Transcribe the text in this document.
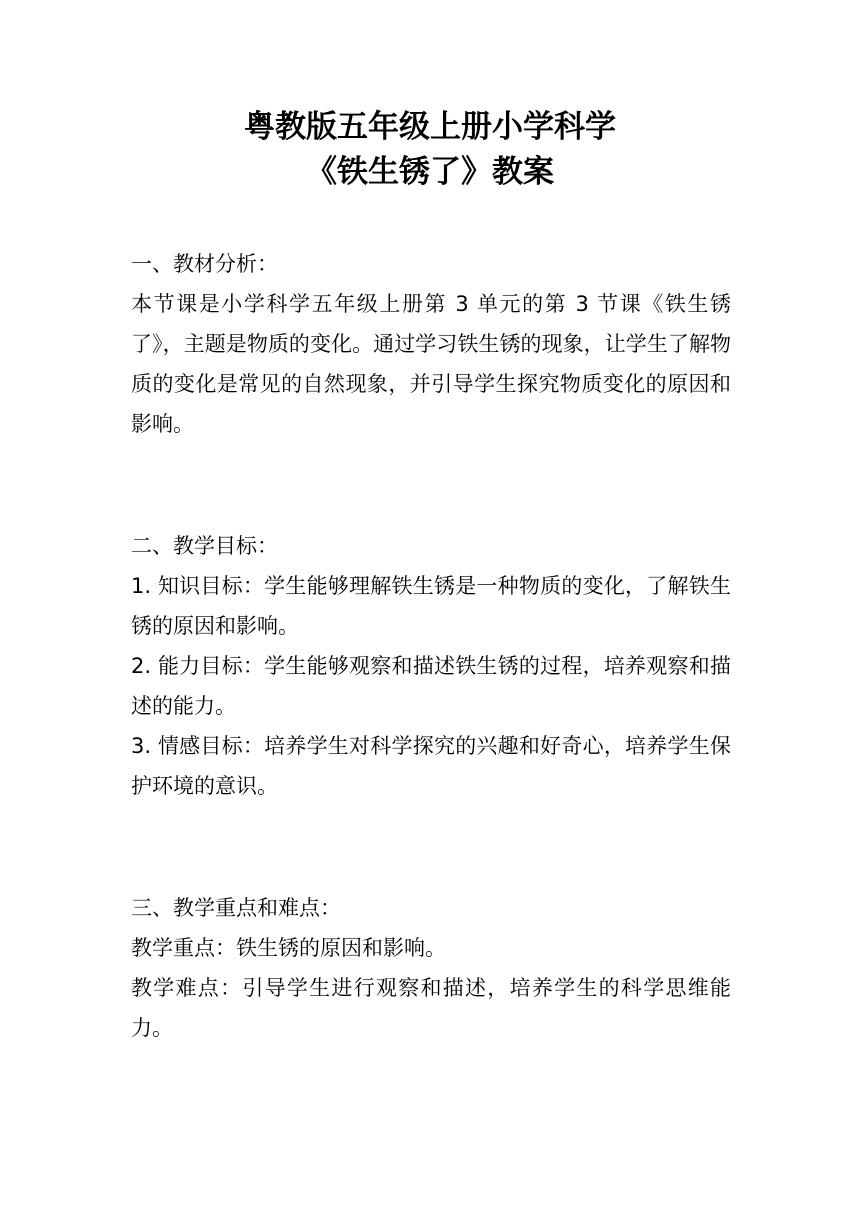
粤教版五年级上册小学科学
《铁生锈了》教案

一、教材分析：

本节课是小学科学五年级上册第 3 单元的第 3 节课《铁生锈了》，主题是物质的变化。通过学习铁生锈的现象，让学生了解物质的变化是常见的自然现象，并引导学生探究物质变化的原因和影响。

二、教学目标：

1. 知识目标：学生能够理解铁生锈是一种物质的变化，了解铁生锈的原因和影响。

2. 能力目标：学生能够观察和描述铁生锈的过程，培养观察和描述的能力。

3. 情感目标：培养学生对科学探究的兴趣和好奇心，培养学生保护环境的意识。

三、教学重点和难点：

教学重点：铁生锈的原因和影响。

教学难点：引导学生进行观察和描述，培养学生的科学思维能力。
